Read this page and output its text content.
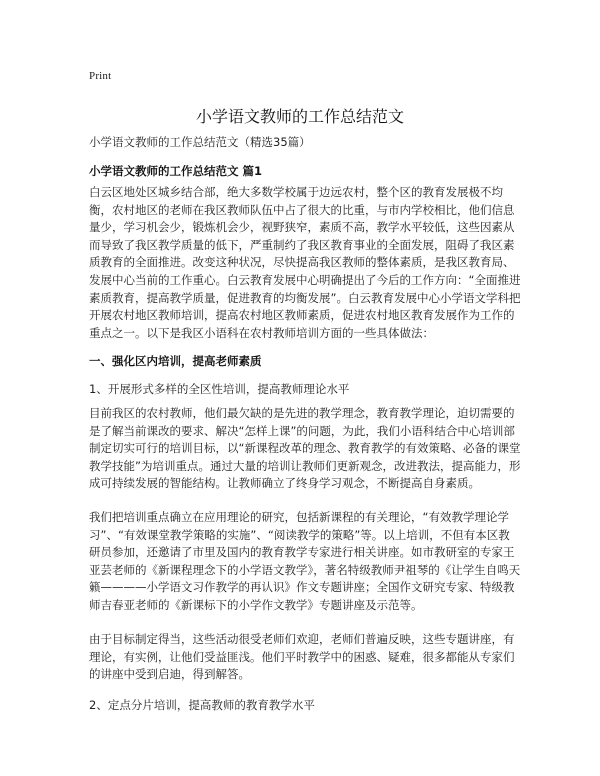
Print
小学语文教师的工作总结范文
小学语文教师的工作总结范文（精选35篇）
小学语文教师的工作总结范文 篇1

白云区地处区城乡结合部，绝大多数学校属于边远农村，整个区的教育发展极不均衡，农村地区的老师在我区教师队伍中占了很大的比重，与市内学校相比，他们信息量少，学习机会少，锻炼机会少，视野狭窄，素质不高，教学水平较低，这些因素从而导致了我区教学质量的低下，严重制约了我区教育事业的全面发展，阻碍了我区素质教育的全面推进。改变这种状况，尽快提高我区教师的整体素质，是我区教育局、发展中心当前的工作重心。白云教育发展中心明确提出了今后的工作方向：“全面推进素质教育，提高教学质量，促进教育的均衡发展”。白云教育发展中心小学语文学科把开展农村地区教师培训，提高农村地区教师素质，促进农村地区教育发展作为工作的重点之一。以下是我区小语科在农村教师培训方面的一些具体做法：

一、强化区内培训，提高老师素质
1、开展形式多样的全区性培训，提高教师理论水平

目前我区的农村教师，他们最欠缺的是先进的教学理念，教育教学理论，迫切需要的是了解当前课改的要求、解决“怎样上课”的问题，为此，我们小语科结合中心培训部制定切实可行的培训目标，以“新课程改革的理念、教育教学的有效策略、必备的课堂教学技能”为培训重点。通过大量的培训让教师们更新观念，改进教法，提高能力，形成可持续发展的智能结构。让教师确立了终身学习观念，不断提高自身素质。

我们把培训重点确立在应用理论的研究，包括新课程的有关理论，“有效教学理论学习”、“有效课堂教学策略的实施”、“阅读教学的策略”等。以上培训，不但有本区教研员参加，还邀请了市里及国内的教育教学专家进行相关讲座。如市教研室的专家王亚芸老师的《新课程理念下的小学语文教学》，著名特级教师尹祖琴的《让学生自鸣天籁————小学语文习作教学的再认识》作文专题讲座；全国作文研究专家、特级教师吉春亚老师的《新课标下的小学作文教学》专题讲座及示范等。

由于目标制定得当，这些活动很受老师们欢迎，老师们普遍反映，这些专题讲座，有理论，有实例，让他们受益匪浅。他们平时教学中的困惑、疑难，很多都能从专家们的讲座中受到启迪，得到解答。

2、定点分片培训，提高教师的教育教学水平
